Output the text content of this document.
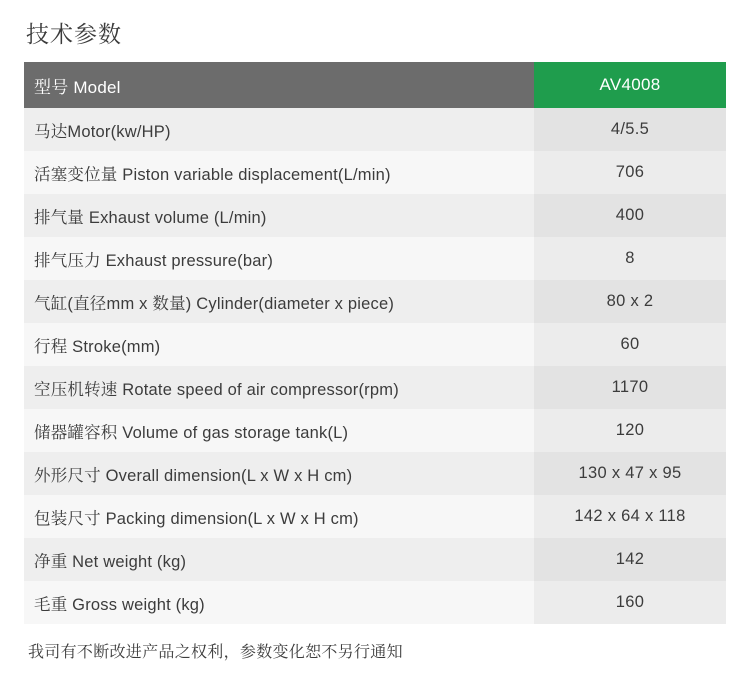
技术参数
型号 Model	AV4008
马达Motor(kw/HP)	4/5.5
活塞变位量 Piston variable displacement(L/min)	706
排气量 Exhaust volume (L/min)	400
排气压力 Exhaust pressure(bar)	8
气缸(直径mm x 数量) Cylinder(diameter x piece)	80 x 2
行程 Stroke(mm)	60
空压机转速 Rotate speed of air compressor(rpm)	1170
储器罐容积 Volume of gas storage tank(L)	120
外形尺寸 Overall dimension(L x W x H cm)	130 x 47 x 95
包装尺寸 Packing dimension(L x W x H cm)	142 x 64 x 118
净重 Net weight (kg)	142
毛重 Gross weight (kg)	160
我司有不断改进产品之权利，参数变化恕不另行通知
